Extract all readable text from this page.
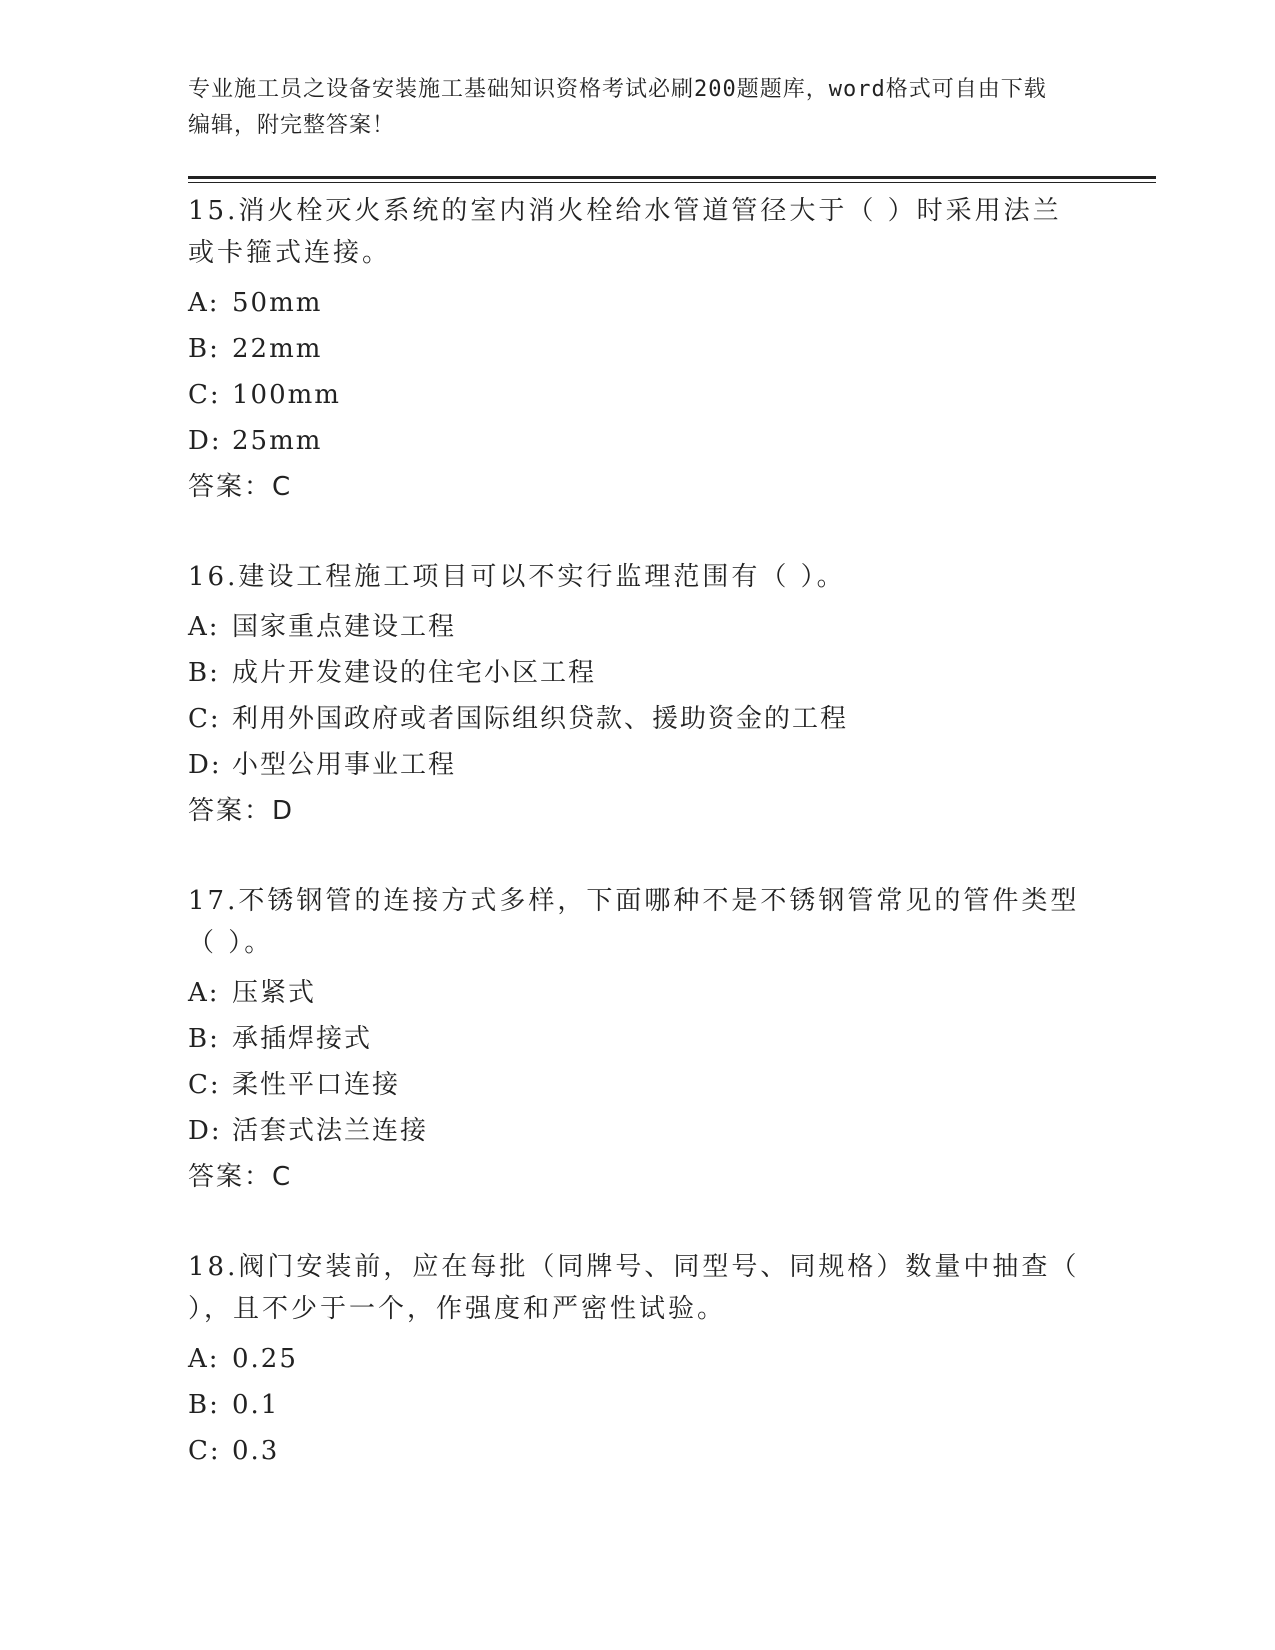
专业施工员之设备安装施工基础知识资格考试必刷200题题库，word格式可自由下载编辑，附完整答案！
15.消火栓灭火系统的室内消火栓给水管道管径大于（ ）时采用法兰或卡箍式连接。
A: 50mm
B: 22mm
C: 100mm
D: 25mm
答案：C
16.建设工程施工项目可以不实行监理范围有（ ）。
A: 国家重点建设工程
B: 成片开发建设的住宅小区工程
C: 利用外国政府或者国际组织贷款、援助资金的工程
D: 小型公用事业工程
答案：D
17.不锈钢管的连接方式多样，下面哪种不是不锈钢管常见的管件类型（ ）。
A: 压紧式
B: 承插焊接式
C: 柔性平口连接
D: 活套式法兰连接
答案：C
18.阀门安装前，应在每批（同牌号、同型号、同规格）数量中抽查（ ），且不少于一个，作强度和严密性试验。
A: 0.25
B: 0.1
C: 0.3
